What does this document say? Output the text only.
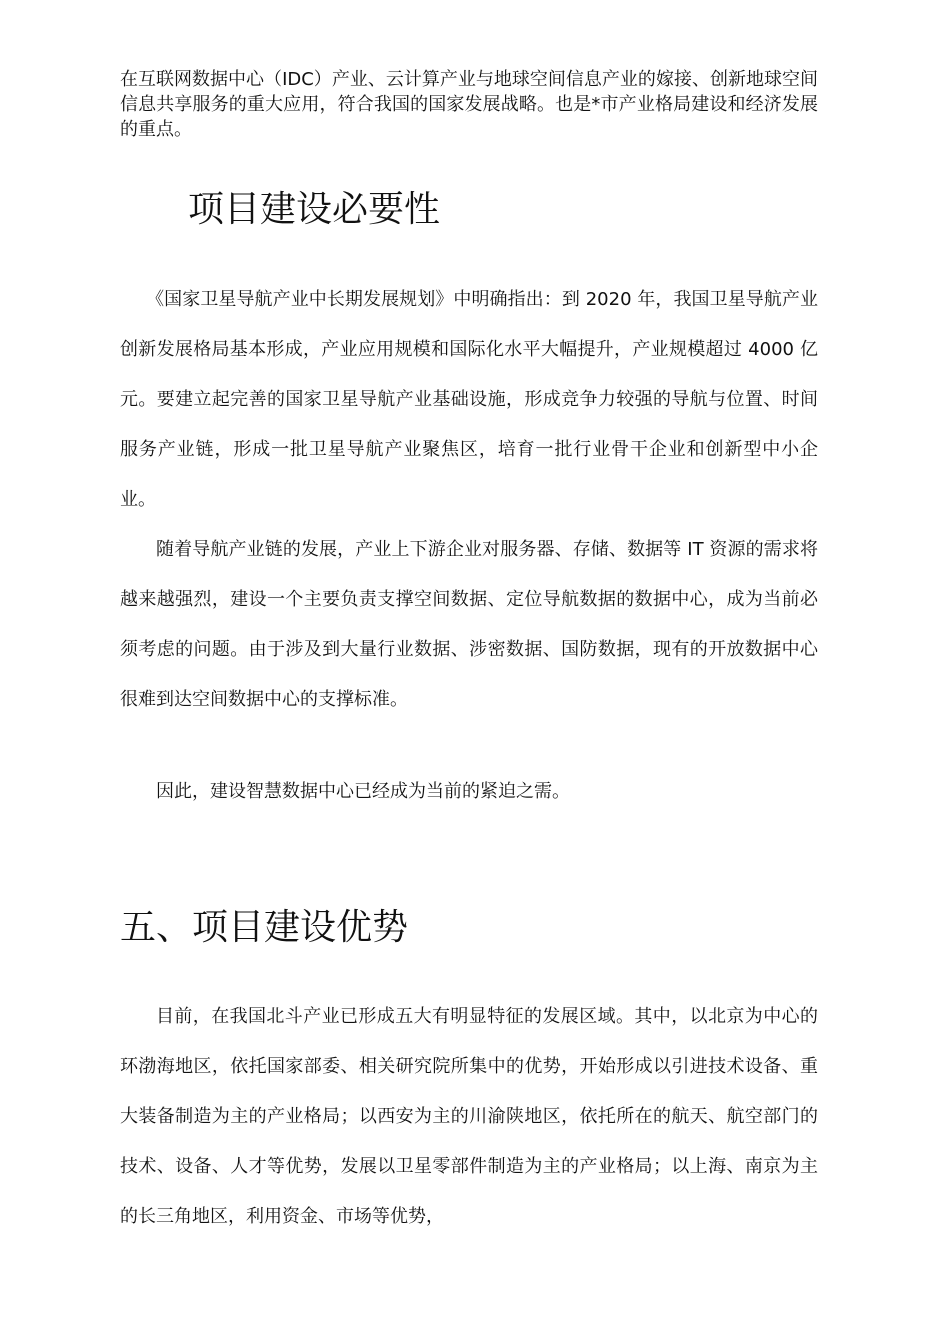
在互联网数据中心（IDC）产业、云计算产业与地球空间信息产业的嫁接、创新地球空间信息共享服务的重大应用，符合我国的国家发展战略。也是*市产业格局建设和经济发展的重点。

项目建设必要性

《国家卫星导航产业中长期发展规划》中明确指出：到 2020 年，我国卫星导航产业创新发展格局基本形成，产业应用规模和国际化水平大幅提升，产业规模超过 4000 亿元。要建立起完善的国家卫星导航产业基础设施，形成竞争力较强的导航与位置、时间服务产业链，形成一批卫星导航产业聚焦区，培育一批行业骨干企业和创新型中小企业。

随着导航产业链的发展，产业上下游企业对服务器、存储、数据等 IT 资源的需求将越来越强烈，建设一个主要负责支撑空间数据、定位导航数据的数据中心，成为当前必须考虑的问题。由于涉及到大量行业数据、涉密数据、国防数据，现有的开放数据中心很难到达空间数据中心的支撑标准。

因此，建设智慧数据中心已经成为当前的紧迫之需。

五、项目建设优势

目前，在我国北斗产业已形成五大有明显特征的发展区域。其中，以北京为中心的环渤海地区，依托国家部委、相关研究院所集中的优势，开始形成以引进技术设备、重大装备制造为主的产业格局；以西安为主的川渝陕地区，依托所在的航天、航空部门的技术、设备、人才等优势，发展以卫星零部件制造为主的产业格局；以上海、南京为主的长三角地区，利用资金、市场等优势，
